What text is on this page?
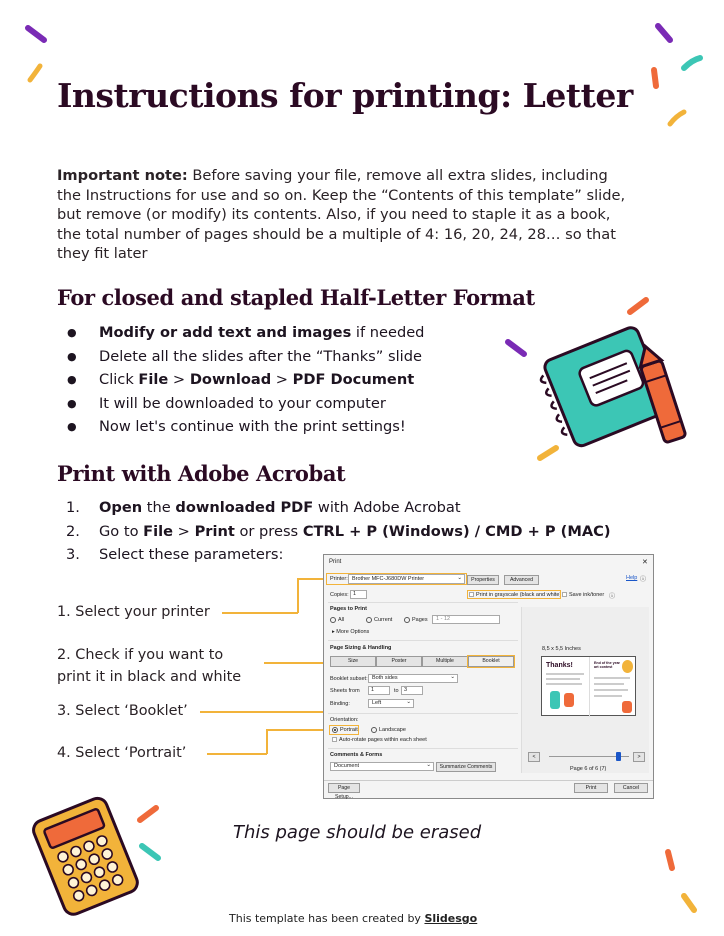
Instructions for printing: Letter
Important note: Before saving your file, remove all extra slides, including the Instructions for use and so on. Keep the “Contents of this template” slide, but remove (or modify) its contents. Also, if you need to staple it as a book, the total number of pages should be a multiple of 4: 16, 20, 24, 28… so that they fit later
For closed and stapled Half-Letter Format
● Modify or add text and images if needed
● Delete all the slides after the “Thanks” slide
● Click File > Download > PDF Document
● It will be downloaded to your computer
● Now let's continue with the print settings!
Print with Adobe Acrobat
1. Open the downloaded PDF with Adobe Acrobat
2. Go to File > Print or press CTRL + P (Windows) / CMD + P (MAC)
3. Select these parameters:
1. Select your printer
2. Check if you want to
print it in black and white
3. Select ‘Booklet’
4. Select ‘Portrait’
Print	✕
Printer: Brother MFC-J680DW Printer	⌄	Properties	Advanced	Help ⓘ
Copies: 1	Print in grayscale (black and white) Save ink/toner ⓘ
Pages to Print
All	Current	Pages 1 - 12
▸ More Options
Page Sizing & Handling
Size	Poster	Multiple	Booklet
Booklet subset: Both sides	⌄
Sheets from 1	to 3
Binding:	Left	⌄
Orientation:
Portrait	Landscape
Auto-rotate pages within each sheet
Comments & Forms
Document	⌄	Summarize Comments
8,5 x 5,5 Inches
Thanks!	End of the year art contest
<	>
Page 6 of 6 (7)
Page Setup...
Print	Cancel
This page should be erased
This template has been created by Slidesgo
